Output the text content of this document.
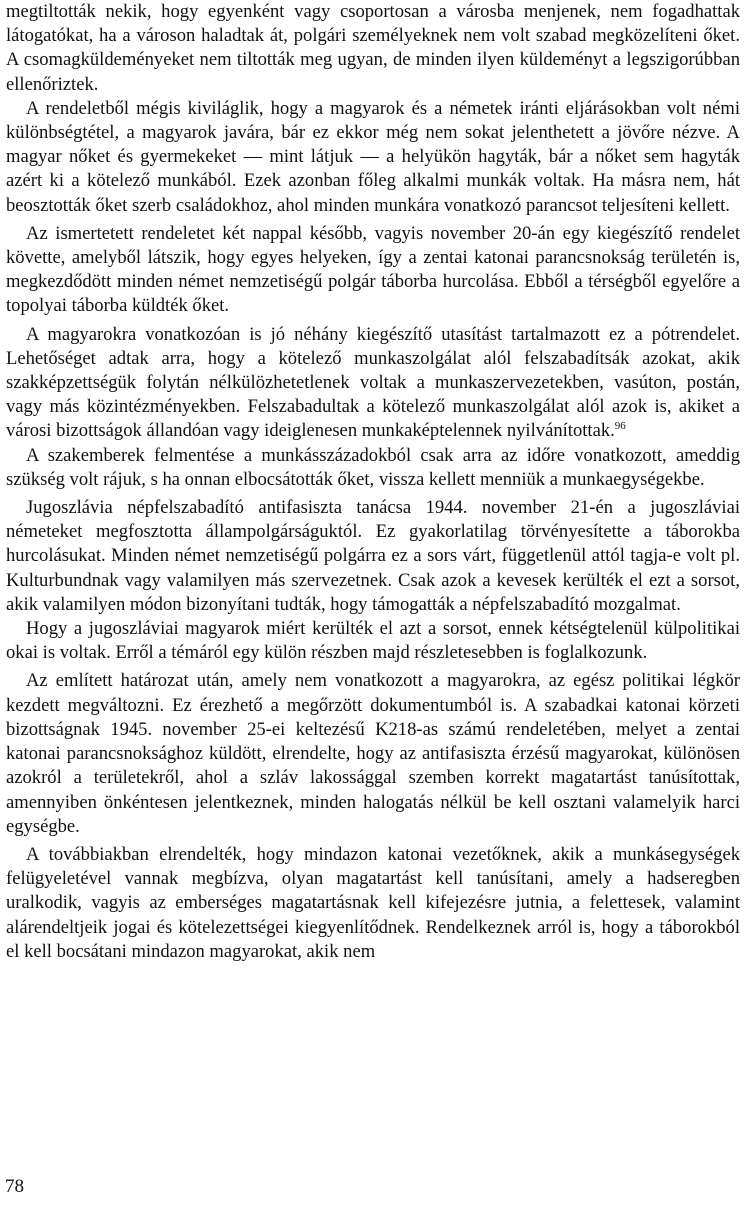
megtiltották nekik, hogy egyenként vagy csoportosan a városba menjenek, nem fogadhattak látogatókat, ha a városon haladtak át, polgári személyeknek nem volt szabad megközelíteni őket. A csomagküldeményeket nem tiltották meg ugyan, de minden ilyen küldeményt a legszigorúbban ellenőriztek.

A rendeletből mégis kiviláglik, hogy a magyarok és a németek iránti eljárásokban volt némi különbségtétel, a magyarok javára, bár ez ekkor még nem sokat jelenthetett a jövőre nézve. A magyar nőket és gyermekeket — mint látjuk — a helyükön hagyták, bár a nőket sem hagyták azért ki a kötelező munkából. Ezek azonban főleg alkalmi munkák voltak. Ha másra nem, hát beosztották őket szerb családokhoz, ahol minden munkára vonatkozó parancsot teljesíteni kellett.

Az ismertetett rendeletet két nappal később, vagyis november 20-án egy kiegészítő rendelet követte, amelyből látszik, hogy egyes helyeken, így a zentai katonai parancsnokság területén is, megkezdődött minden német nemzetiségű polgár táborba hurcolása. Ebből a térségből egyelőre a topolyai táborba küldték őket.

A magyarokra vonatkozóan is jó néhány kiegészítő utasítást tartalmazott ez a pótrendelet. Lehetőséget adtak arra, hogy a kötelező munkaszolgálat alól felszabadítsák azokat, akik szakképzettségük folytán nélkülözhetetlenek voltak a munkaszervezetekben, vasúton, postán, vagy más közintézményekben. Felszabadultak a kötelező munkaszolgálat alól azok is, akiket a városi bizottságok állandóan vagy ideiglenesen munkaképtelennek nyilvánítottak.$^{96}$

A szakemberek felmentése a munkásszázadokból csak arra az időre vonatkozott, ameddig szükség volt rájuk, s ha onnan elbocsátották őket, vissza kellett menniük a munkaegységekbe.

Jugoszlávia népfelszabadító antifasiszta tanácsa 1944. november 21-én a jugoszláviai németeket megfosztotta állampolgárságuktól. Ez gyakorlatilag törvényesítette a táborokba hurcolásukat. Minden német nemzetiségű polgárra ez a sors várt, függetlenül attól tagja-e volt pl. Kulturbundnak vagy valamilyen más szervezetnek. Csak azok a kevesek kerülték el ezt a sorsot, akik valamilyen módon bizonyítani tudták, hogy támogatták a népfelszabadító mozgalmat.

Hogy a jugoszláviai magyarok miért kerülték el azt a sorsot, ennek kétségtelenül külpolitikai okai is voltak. Erről a témáról egy külön részben majd részletesebben is foglalkozunk.

Az említett határozat után, amely nem vonatkozott a magyarokra, az egész politikai légkör kezdett megváltozni. Ez érezhető a megőrzött dokumentumból is. A szabadkai katonai körzeti bizottságnak 1945. november 25-ei keltezésű K218-as számú rendeletében, melyet a zentai katonai parancsnoksághoz küldött, elrendelte, hogy az antifasiszta érzésű magyarokat, különösen azokról a területekről, ahol a szláv lakossággal szemben korrekt magatartást tanúsítottak, amennyiben önkéntesen jelentkeznek, minden halogatás nélkül be kell osztani valamelyik harci egységbe.

A továbbiakban elrendelték, hogy mindazon katonai vezetőknek, akik a munkásegységek felügyeletével vannak megbízva, olyan magatartást kell tanúsítani, amely a hadseregben uralkodik, vagyis az emberséges magatartásnak kell kifejezésre jutnia, a felettesek, valamint alárendeltjeik jogai és kötelezettségei kiegyenlítődnek. Rendelkeznek arról is, hogy a táborokból el kell bocsátani mindazon magyarokat, akik nem

78
